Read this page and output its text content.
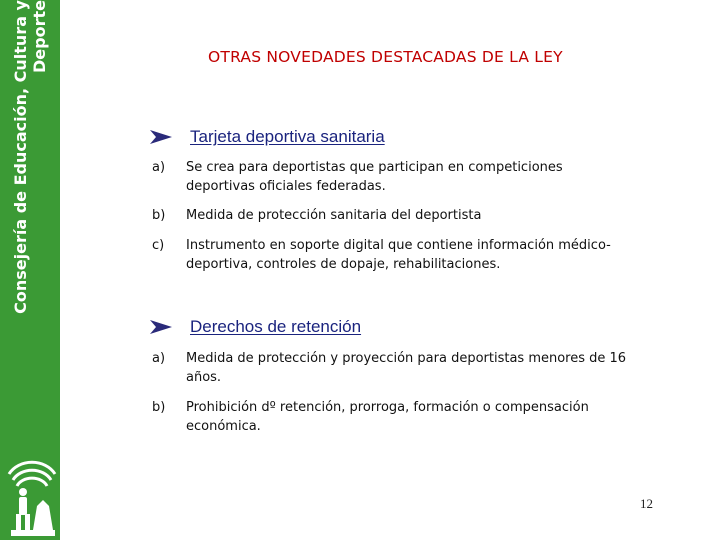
Consejería de Educación, Cultura y Deporte	OTRAS NOVEDADES DESTACADAS DE LA LEY
Tarjeta deportiva sanitaria
a)	Se crea para deportistas que participan en competiciones deportivas oficiales federadas.
b)	Medida de protección sanitaria del deportista
c)	Instrumento en soporte digital que contiene información médico-deportiva, controles de dopaje, rehabilitaciones.
Derechos de retención
a)	Medida de protección y proyección para deportistas menores de 16 años.
b)	Prohibición dº retención, prorroga, formación o compensación económica.
12
